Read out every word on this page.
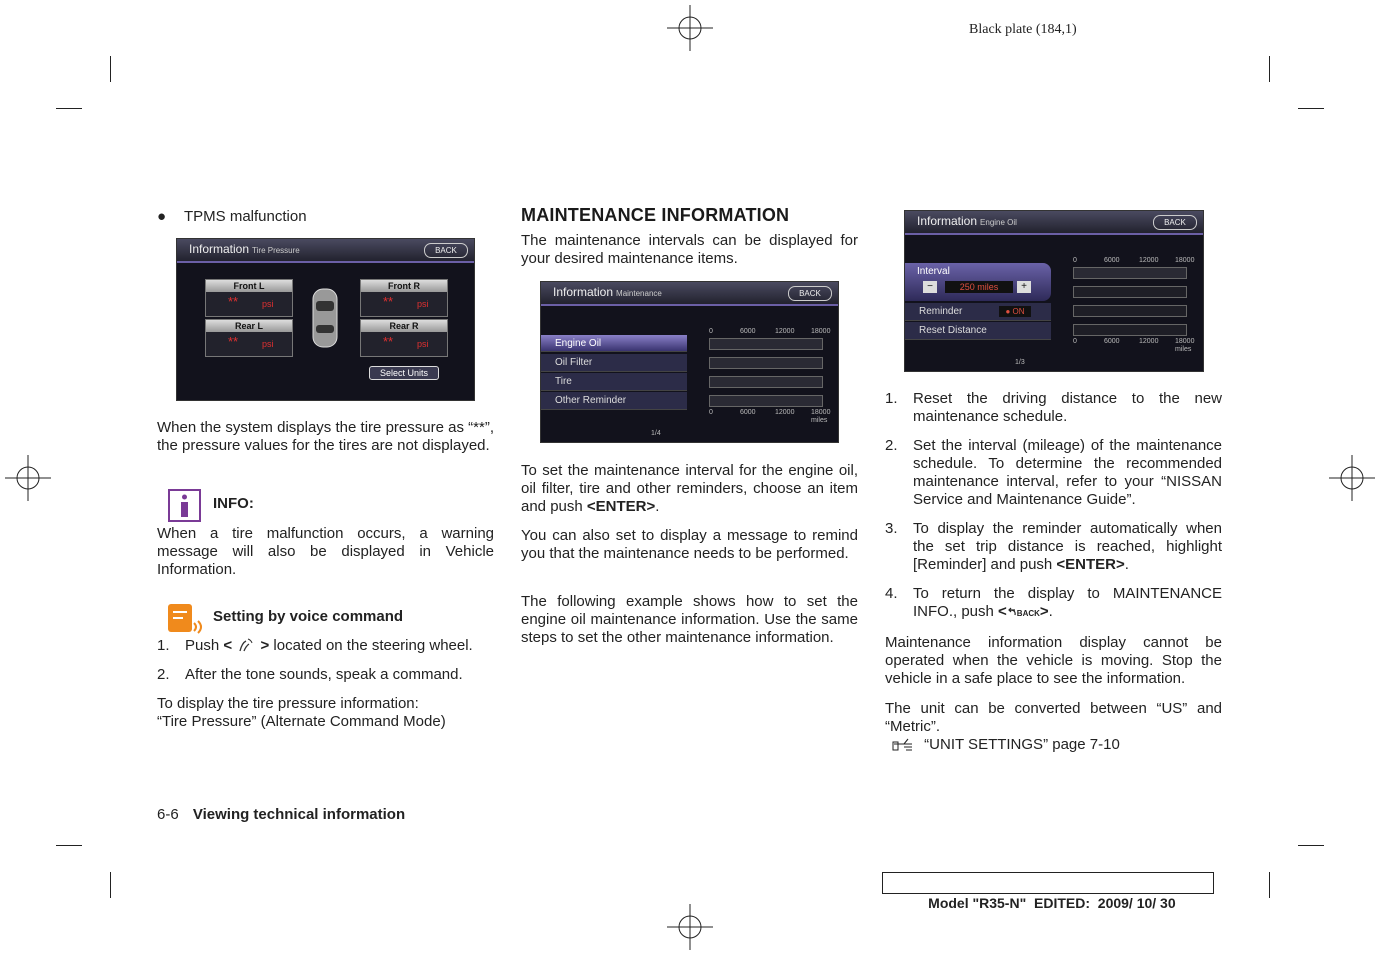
Black plate (184,1)
● TPMS malfunction
Information Tire Pressure	BACK
Front L
**	psi
Front R
**	psi
Rear L
**	psi
Rear R
**	psi
Select Units

When the system displays the tire pressure as “**”, the pressure values for the tires are not displayed.

INFO:

When a tire malfunction occurs, a warning message will also be displayed in Vehicle Information.

Setting by voice command
1. Push < > located on the steering wheel.
2. After the tone sounds, speak a command.

To display the tire pressure information:
“Tire Pressure” (Alternate Command Mode)

6-6 Viewing technical information
MAINTENANCE INFORMATION

The maintenance intervals can be displayed for your desired maintenance items.

Information Maintenance	BACK
Engine Oil
Oil Filter
Tire
Other Reminder
0	6000	12000 18000
0	6000	12000 18000
miles
1/4

To set the maintenance interval for the engine oil, oil filter, tire and other reminders, choose an item and push <ENTER>.

You can also set to display a message to remind you that the maintenance needs to be performed.

The following example shows how to set the engine oil maintenance information. Use the same steps to set the other maintenance information.

Information Engine Oil	BACK
Interval
−	250 miles	+
Reminder	● ON
Reset Distance
0	6000	12000 18000
0	6000	12000 18000
miles
1/3
1. Reset the driving distance to the new maintenance schedule.
2. Set the interval (mileage) of the maintenance schedule. To determine the recommended maintenance interval, refer to your “NISSAN Service and Maintenance Guide”.
3. To display the reminder automatically when the set trip distance is reached, highlight [Reminder] and push <ENTER>.
4. To return the display to MAINTENANCE INFO., push < BACK>.

Maintenance information display cannot be operated when the vehicle is moving. Stop the vehicle in a safe place to see the information.

The unit can be converted between “US” and “Metric”.

“UNIT SETTINGS” page 7-10

Model "R35-N"  EDITED:  2009/ 10/ 30
